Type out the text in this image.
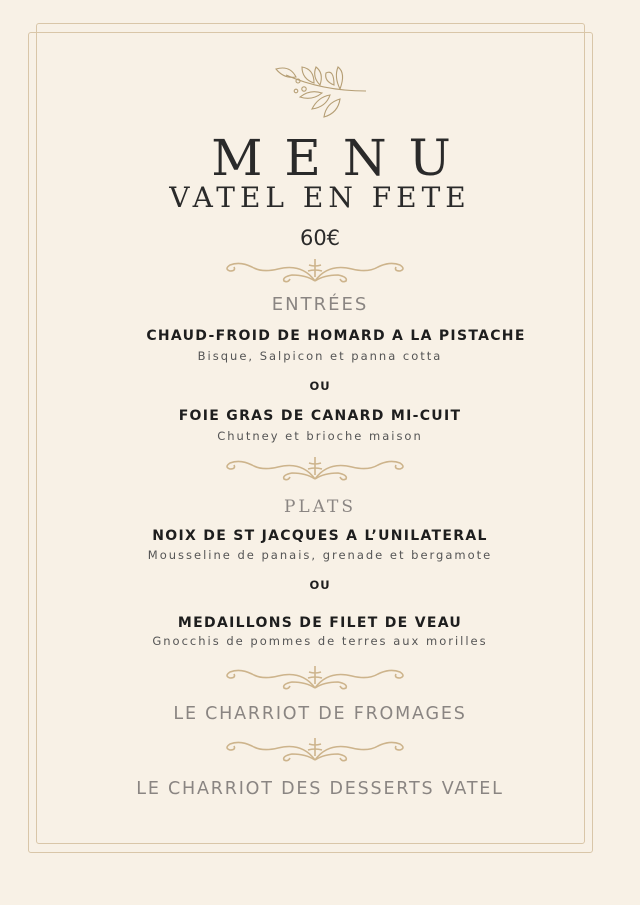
MENU
VATEL EN FETE
60€
ENTRÉES
CHAUD-FROID DE HOMARD A LA PISTACHE
Bisque, Salpicon et panna cotta
OU
FOIE GRAS DE CANARD MI-CUIT
Chutney et brioche maison
PLATS
NOIX DE ST JACQUES A L’UNILATERAL
Mousseline de panais, grenade et bergamote
OU
MEDAILLONS DE FILET DE VEAU
Gnocchis de pommes de terres aux morilles
LE CHARRIOT DE FROMAGES
LE CHARRIOT DES DESSERTS VATEL
